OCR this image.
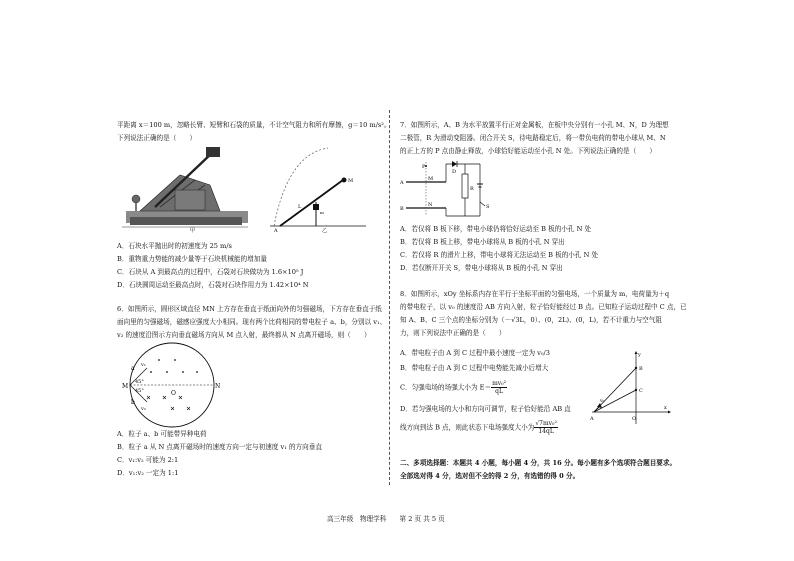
平距离 x＝100 m，忽略长臂、短臂和石袋的质量，不计空气阻力和所有摩擦，g＝10 m/s²。
下列说法正确的是（　　）
甲
M
A
L
m
乙
A．石块水平抛出时的初速度为 25 m/s
B．重物重力势能的减少量等于石块机械能的增加量
C．石块从 A 到最高点的过程中，石袋对石块做功为 1.6×10⁵ J
D．石块圆周运动至最高点时，石袋对石块作用力为 1.42×10⁴ N
6．如图所示，圆形区域直径 MN 上方存在垂直于纸面向外的匀强磁场，下方存在垂直于纸
面向里的匀强磁场，磁感应强度大小相同。现有两个比荷相同的带电粒子 a、b，分别以 v₁、
v₂ 的速度沿图示方向垂直磁场方向从 M 点入射，最终都从 N 点离开磁场，则（　　）
M	N
O
a
b
v₁
v₂
45°
45°
A．粒子 a、b 可能带异种电荷
B．粒子 a 从 N 点离开磁场时的速度方向一定与初速度 v₁ 的方向垂直
C．v₁:v₂ 可能为 2:1
D．v₁:v₂ 一定为 1:1
7．如图所示，A、B 为水平放置平行正对金属板，在板中央分别有一小孔 M、N，D 为理想
二极管，R 为滑动变阻器。闭合开关 S，待电路稳定后，将一带负电荷的带电小球从 M、N
的正上方的 P 点由静止释放，小球恰好能运动至小孔 N 处。下列说法正确的是（　　）
P
A
B
M
N
D
R
S
A．若仅将 B 板下移，带电小球仍将恰好运动至 B 板的小孔 N 处
B．若仅将 B 板上移，带电小球将从 B 板的小孔 N 穿出
C．若仅将 R 的滑片上移，带电小球将无法运动至 B 板的小孔 N 处
D．若仅断开开关 S，带电小球将从 B 板的小孔 N 穿出
8．如图所示，xOy 坐标系内存在平行于坐标平面的匀强电场，一个质量为 m，电荷量为＋q
的带电粒子，以 v₀ 的速度沿 AB 方向入射，粒子恰好能经过 B 点。已知粒子运动过程中 C 点，已
知 A、B、C 三个点的坐标分别为（－√3L，0）、(0，2L)、(0，L)，若不计重力与空气阻
力，则下列说法中正确的是（　　）
A．带电粒子由 A 到 C 过程中最小速度一定为 v₀/3
B．带电粒子由 A 到 C 过程中电势能先减小后增大
C．匀强电场的场强大小为 $E= \frac{\text{mv₀²}}{qL}$
D．若匀强电场的大小和方向可调节，粒子恰好能沿 AB 直
线方向到达 B 点，则此状态下电场强度大小为 $\frac{\text{√7mv₀²}}{14qL}$
y
x
B
C
A	O
v₀
二、多项选择题：本题共 4 小题，每小题 4 分，共 16 分。每小题有多个选项符合题目要求。
全部选对得 4 分，选对但不全的得 2 分，有选错的得 0 分。
高三年级　物理学科　　第 2 页 共 5 页
